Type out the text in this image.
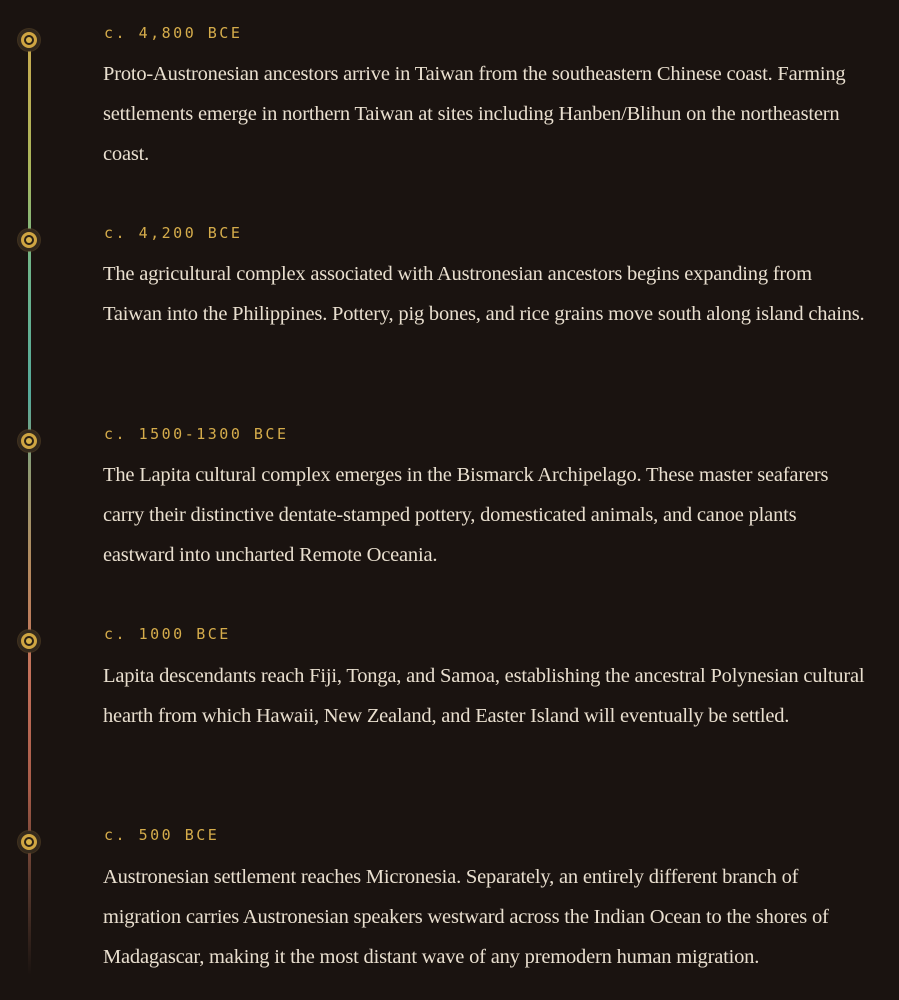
c. 4,800 BCE
Proto-Austronesian ancestors arrive in Taiwan from the southeastern Chinese coast. Farming settlements emerge in northern Taiwan at sites including Hanben/Blihun on the northeastern coast.
c. 4,200 BCE
The agricultural complex associated with Austronesian ancestors begins expanding from Taiwan into the Philippines. Pottery, pig bones, and rice grains move south along island chains.
c. 1500-1300 BCE
The Lapita cultural complex emerges in the Bismarck Archipelago. These master seafarers carry their distinctive dentate-stamped pottery, domesticated animals, and canoe plants eastward into uncharted Remote Oceania.
c. 1000 BCE
Lapita descendants reach Fiji, Tonga, and Samoa, establishing the ancestral Polynesian cultural hearth from which Hawaii, New Zealand, and Easter Island will eventually be settled.
c. 500 BCE
Austronesian settlement reaches Micronesia. Separately, an entirely different branch of migration carries Austronesian speakers westward across the Indian Ocean to the shores of Madagascar, making it the most distant wave of any premodern human migration.
